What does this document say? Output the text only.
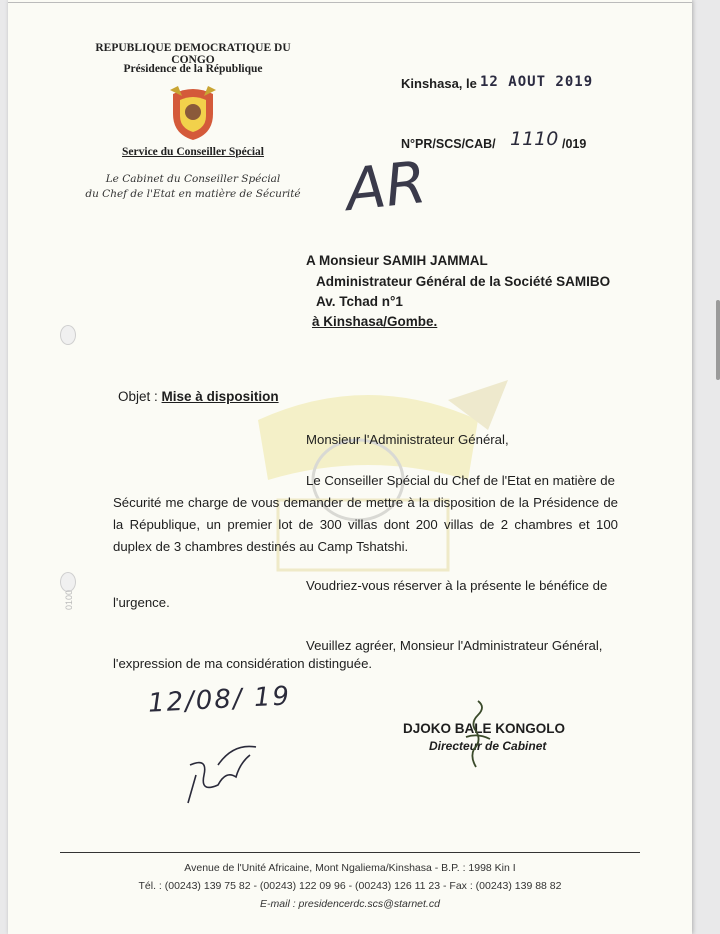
0100
REPUBLIQUE DEMOCRATIQUE DU CONGO
Présidence de la République
Service du Conseiller Spécial
Le Cabinet du Conseiller Spécial
du Chef de l'Etat en matière de Sécurité
Kinshasa, le 12 AOUT 2019
N°PR/SCS/CAB/ 1110 /019
AR
A Monsieur SAMIH JAMMAL
Administrateur Général de la Société SAMIBO
Av. Tchad n°1
à Kinshasa/Gombe.
Objet : Mise à disposition
Monsieur l'Administrateur Général,
Le Conseiller Spécial du Chef de l'Etat en matière de
Sécurité me charge de vous demander de mettre à la disposition de la Présidence de la République, un premier lot de 300 villas dont 200 villas de 2 chambres et 100 duplex de 3 chambres destinés au Camp Tshatshi.
Voudriez-vous réserver à la présente le bénéfice de
l'urgence.
Veuillez agréer, Monsieur l'Administrateur Général,
l'expression de ma considération distinguée.
12/08/ 19
DJOKO BALE KONGOLO
Directeur de Cabinet
Avenue de l'Unité Africaine, Mont Ngaliema/Kinshasa - B.P. : 1998 Kin I
Tél. : (00243) 139 75 82 - (00243) 122 09 96 - (00243) 126 11 23 - Fax : (00243) 139 88 82
E-mail : presidencerdc.scs@starnet.cd
